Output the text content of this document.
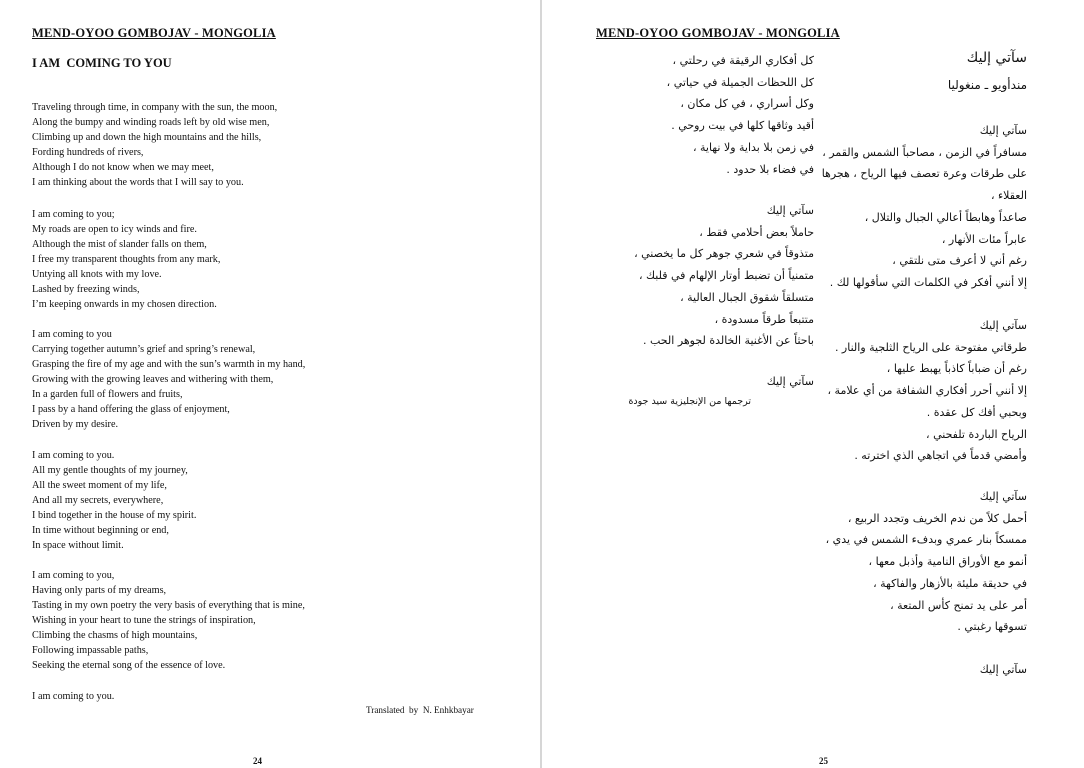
MEND-OYOO GOMBOJAV - MONGOLIA
I AM  COMING TO YOU
Traveling through time, in company with the sun, the moon,
Along the bumpy and winding roads left by old wise men,
Climbing up and down the high mountains and the hills,
Fording hundreds of rivers,
Although I do not know when we may meet,
I am thinking about the words that I will say to you.
I am coming to you;
My roads are open to icy winds and fire.
Although the mist of slander falls on them,
I free my transparent thoughts from any mark,
Untying all knots with my love.
Lashed by freezing winds,
I’m keeping onwards in my chosen direction.
I am coming to you
Carrying together autumn’s grief and spring’s renewal,
Grasping the fire of my age and with the sun’s warmth in my hand,
Growing with the growing leaves and withering with them,
In a garden full of flowers and fruits,
I pass by a hand offering the glass of enjoyment,
Driven by my desire.
I am coming to you.
All my gentle thoughts of my journey,
All the sweet moment of my life,
And all my secrets, everywhere,
I bind together in the house of my spirit.
In time without beginning or end,
In space without limit.
I am coming to you,
Having only parts of my dreams,
Tasting in my own poetry the very basis of everything that is mine,
Wishing in your heart to tune the strings of inspiration,
Climbing the chasms of high mountains,
Following impassable paths,
Seeking the eternal song of the essence of love.
I am coming to you.
Translated  by  N. Enhkbayar
24
MEND-OYOO GOMBOJAV - MONGOLIA
سآتي إليك
مندأويو ـ منغوليا
سآتي إليك
مسافراً في الزمن ، مصاحباً الشمس والقمر ،
على طرقات وعرة تعصف فيها الرياح ، هجرها
العقلاء ،
صاعداً وهابطاً أعالي الجبال والتلال ،
عابراً مئات الأنهار ،
رغم أني لا أعرف متى نلتقي ،
إلا أنني أفكر في الكلمات التي سأقولها لك .
سآتي إليك
طرقاتي مفتوحة على الرياح الثلجية والنار .
رغم أن ضباباً كاذباً يهبط عليها ،
إلا أنني أحرر أفكاري الشفافة من أي علامة ،
وبحبي أفك كل عقدة .
الرياح الباردة تلفحني ،
وأمضي قدماً في اتجاهي الذي اخترته .
سآتي إليك
أحمل كلاً من ندم الخريف وتجدد الربيع ،
ممسكاً بنار عمري وبدفء الشمس في يدي ،
أنمو مع الأوراق النامية وأذبل معها ،
في حديقة مليئة بالأزهار والفاكهة ،
أمر على يد تمنح كأس المتعة ،
تسوقها رغبتي .
سآتي إليك
كل أفكاري الرقيقة في رحلتي ،
كل اللحظات الجميلة في حياتي ،
وكل أسراري ، في كل مكان ،
أقيد وثاقها كلها في بيت روحي .
في زمن بلا بداية ولا نهاية ،
في فضاء بلا حدود .
سآتي إليك
حاملاً بعض أحلامي فقط ،
متذوقاً في شعري جوهر كل ما يخصني ،
متمنياً أن تضبط أوتار الإلهام في قلبك ،
متسلقاً شقوق الجبال العالية ،
متتبعاً طرقاً مسدودة ،
باحثاً عن الأغنية الخالدة لجوهر الحب .
سآتي إليك
ترجمها من الإنجليزية سيد جودة
25
